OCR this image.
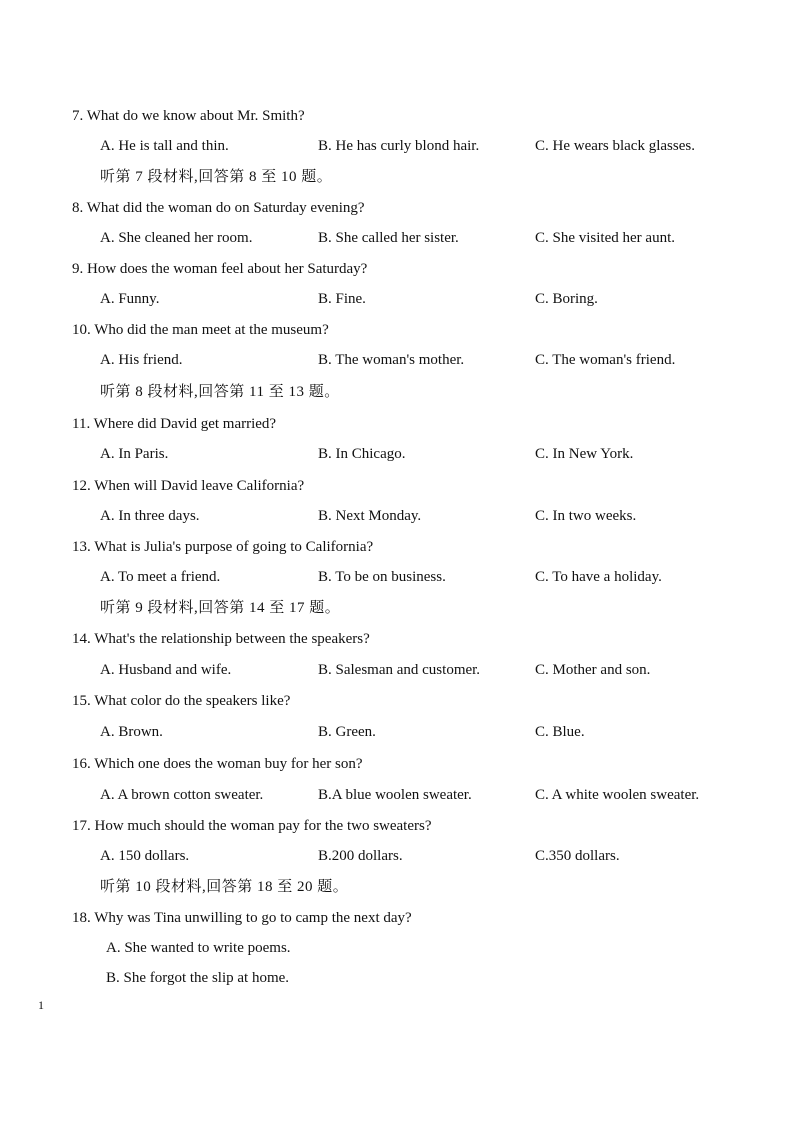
7. What do we know about Mr. Smith?
A. He is tall and thin.	B. He has curly blond hair.	C. He wears black glasses.
听第 7 段材料,回答第 8 至 10 题。
8. What did the woman do on Saturday evening?
A. She cleaned her room.	B. She called her sister.	C. She visited her aunt.
9. How does the woman feel about her Saturday?
A. Funny.	B. Fine.	C. Boring.
10. Who did the man meet at the museum?
A. His friend.	B. The woman's mother.	C. The woman's friend.
听第 8 段材料,回答第 11 至 13 题。
11. Where did David get married?
A. In Paris.	B. In Chicago.	C. In New York.
12. When will David leave California?
A. In three days.	B. Next Monday.	C. In two weeks.
13. What is Julia's purpose of going to California?
A. To meet a friend.	B. To be on business.	C. To have a holiday.
听第 9 段材料,回答第 14 至 17 题。
14. What's the relationship between the speakers?
A. Husband and wife.	B. Salesman and customer.	C. Mother and son.
15. What color do the speakers like?
A. Brown.	B. Green.	C. Blue.
16. Which one does the woman buy for her son?
A. A brown cotton sweater.	B.A blue woolen sweater.	C. A white woolen sweater.
17. How much should the woman pay for the two sweaters?
A. 150 dollars.	B.200 dollars.	C.350 dollars.
听第 10 段材料,回答第 18 至 20 题。
18. Why was Tina unwilling to go to camp the next day?
A. She wanted to write poems.
B. She forgot the slip at home.
1
